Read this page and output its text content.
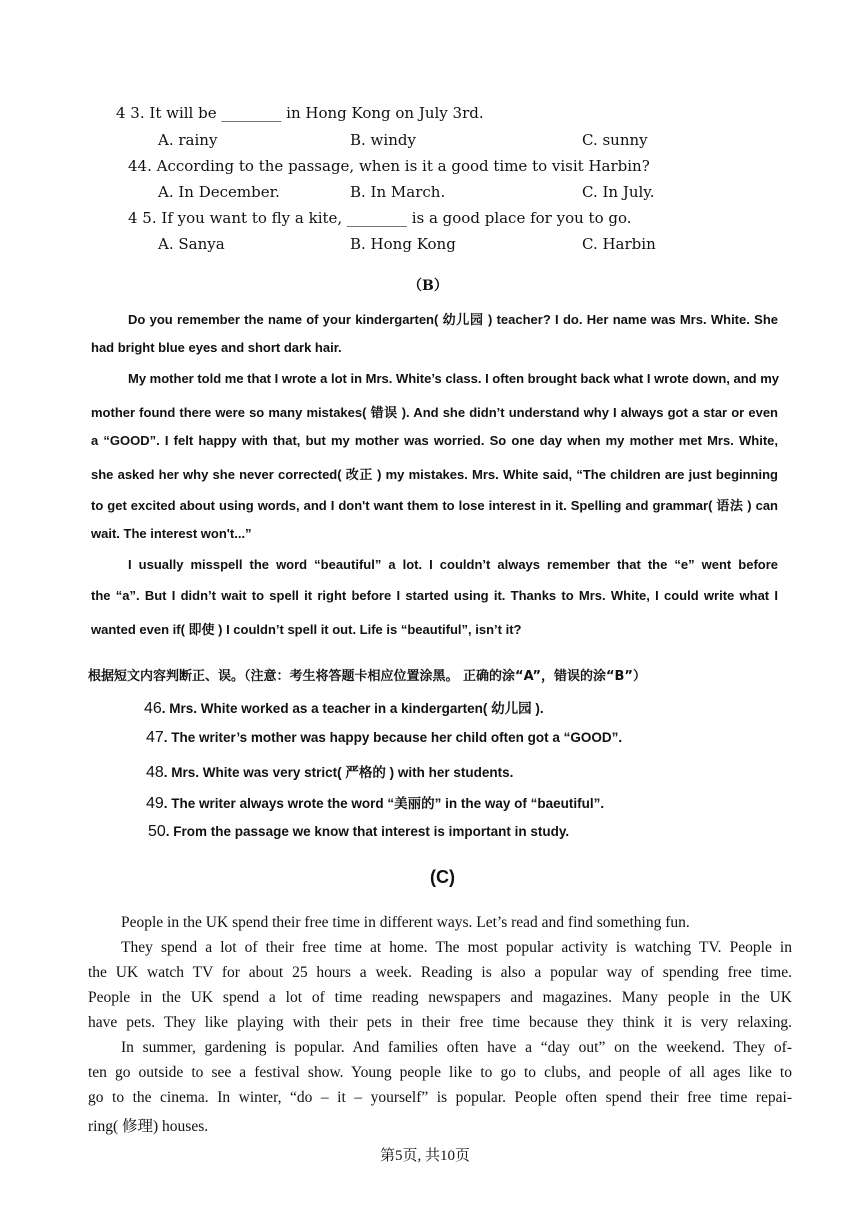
4 3. It will be ________ in Hong Kong on July 3rd.
A. rainy	B. windy	C. sunny
44. According to the passage, when is it a good time to visit Harbin?
A. In December.	B. In March.	C. In July.
4 5. If you want to fly a kite, ________ is a good place for you to go.
A. Sanya	B. Hong Kong	C. Harbin
（B）
Do you remember the name of your kindergarten( 幼儿园 ) teacher? I do. Her name was Mrs. White. She
had bright blue eyes and short dark hair.
My mother told me that I wrote a lot in Mrs. White’s class. I often brought back what I wrote down, and my
mother found there were so many mistakes( 错误 ). And she didn’t understand why I always got a star or even
a “GOOD”. I felt happy with that, but my mother was worried. So one day when my mother met Mrs. White,
she asked her why she never corrected( 改正 ) my mistakes. Mrs. White said, “The children are just beginning
to get excited about using words, and I don't want them to lose interest in it. Spelling and grammar( 语法 ) can
wait. The interest won't...”
I usually misspell the word “beautiful” a lot. I couldn’t always remember that the “e” went before
the “a”. But I didn’t wait to spell it right before I started using it. Thanks to Mrs. White, I could write what I
wanted even if( 即使 ) I couldn’t spell it out. Life is “beautiful”, isn’t it?
根据短文内容判断正、误。（注意：考生将答题卡相应位置涂黑。 正确的涂“A”，错误的涂“B”）
46. Mrs. White worked as a teacher in a kindergarten( 幼儿园 ).
47. The writer’s mother was happy because her child often got a “GOOD”.
48. Mrs. White was very strict( 严格的 ) with her students.
49. The writer always wrote the word “美丽的” in the way of “baeutiful”.
50. From the passage we know that interest is important in study.
(C)
People in the UK spend their free time in different ways. Let’s read and find something fun.
They spend a lot of their free time at home. The most popular activity is watching TV. People in
the UK watch TV for about 25 hours a week. Reading is also a popular way of spending free time.
People in the UK spend a lot of time reading newspapers and magazines. Many people in the UK
have pets. They like playing with their pets in their free time because they think it is very relaxing.
In summer, gardening is popular. And families often have a “day out” on the weekend. They of-
ten go outside to see a festival show. Young people like to go to clubs, and people of all ages like to
go to the cinema. In winter, “do – it – yourself” is popular. People often spend their free time repai-
ring( 修理) houses.
第5页, 共10页
